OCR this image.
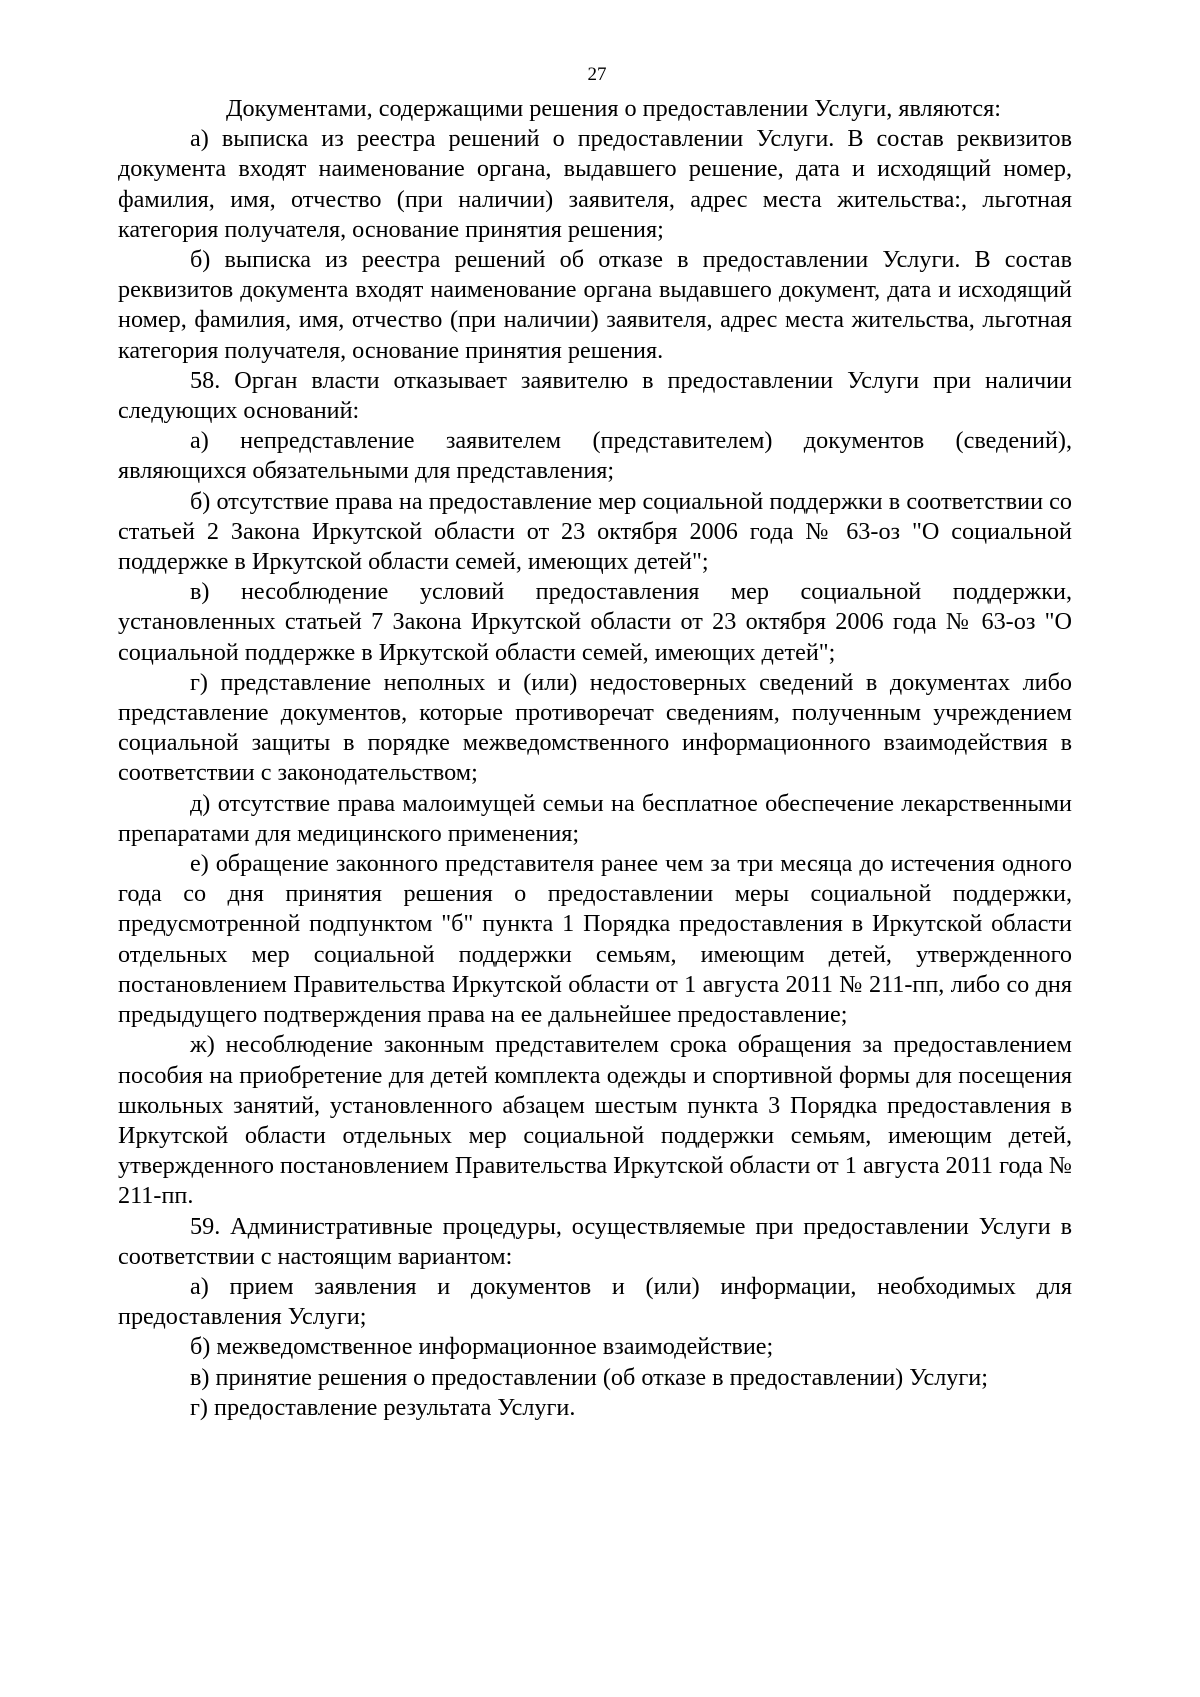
27

Документами, содержащими решения о предоставлении Услуги, являются:

а) выписка из реестра решений о предоставлении Услуги. В состав реквизитов документа входят наименование органа, выдавшего решение, дата и исходящий номер, фамилия, имя, отчество (при наличии) заявителя, адрес места жительства:, льготная категория получателя, основание принятия решения;

б) выписка из реестра решений об отказе в предоставлении Услуги. В состав реквизитов документа входят наименование органа выдавшего документ, дата и исходящий номер, фамилия, имя, отчество (при наличии) заявителя, адрес места жительства, льготная категория получателя, основание принятия решения.

58. Орган власти отказывает заявителю в предоставлении Услуги при наличии следующих оснований:

а) непредставление заявителем (представителем) документов (сведений), являющихся обязательными для представления;

б) отсутствие права на предоставление мер социальной поддержки в соответствии со статьей 2 Закона Иркутской области от 23 октября 2006 года № 63-оз "О социальной поддержке в Иркутской области семей, имеющих детей";

в) несоблюдение условий предоставления мер социальной поддержки, установленных статьей 7 Закона Иркутской области от 23 октября 2006 года № 63-оз "О социальной поддержке в Иркутской области семей, имеющих детей";

г) представление неполных и (или) недостоверных сведений в документах либо представление документов, которые противоречат сведениям, полученным учреждением социальной защиты в порядке межведомственного информационного взаимодействия в соответствии с законодательством;

д) отсутствие права малоимущей семьи на бесплатное обеспечение лекарственными препаратами для медицинского применения;

е) обращение законного представителя ранее чем за три месяца до истечения одного года со дня принятия решения о предоставлении меры социальной поддержки, предусмотренной подпунктом "б" пункта 1 Порядка предоставления в Иркутской области отдельных мер социальной поддержки семьям, имеющим детей, утвержденного постановлением Правительства Иркутской области от 1 августа 2011 № 211-пп, либо со дня предыдущего подтверждения права на ее дальнейшее предоставление;

ж) несоблюдение законным представителем срока обращения за предоставлением пособия на приобретение для детей комплекта одежды и спортивной формы для посещения школьных занятий, установленного абзацем шестым пункта 3 Порядка предоставления в Иркутской области отдельных мер социальной поддержки семьям, имеющим детей, утвержденного постановлением Правительства Иркутской области от 1 августа 2011 года № 211-пп.

59. Административные процедуры, осуществляемые при предоставлении Услуги в соответствии с настоящим вариантом:

а) прием заявления и документов и (или) информации, необходимых для предоставления Услуги;

б) межведомственное информационное взаимодействие;

в) принятие решения о предоставлении (об отказе в предоставлении) Услуги;

г) предоставление результата Услуги.
